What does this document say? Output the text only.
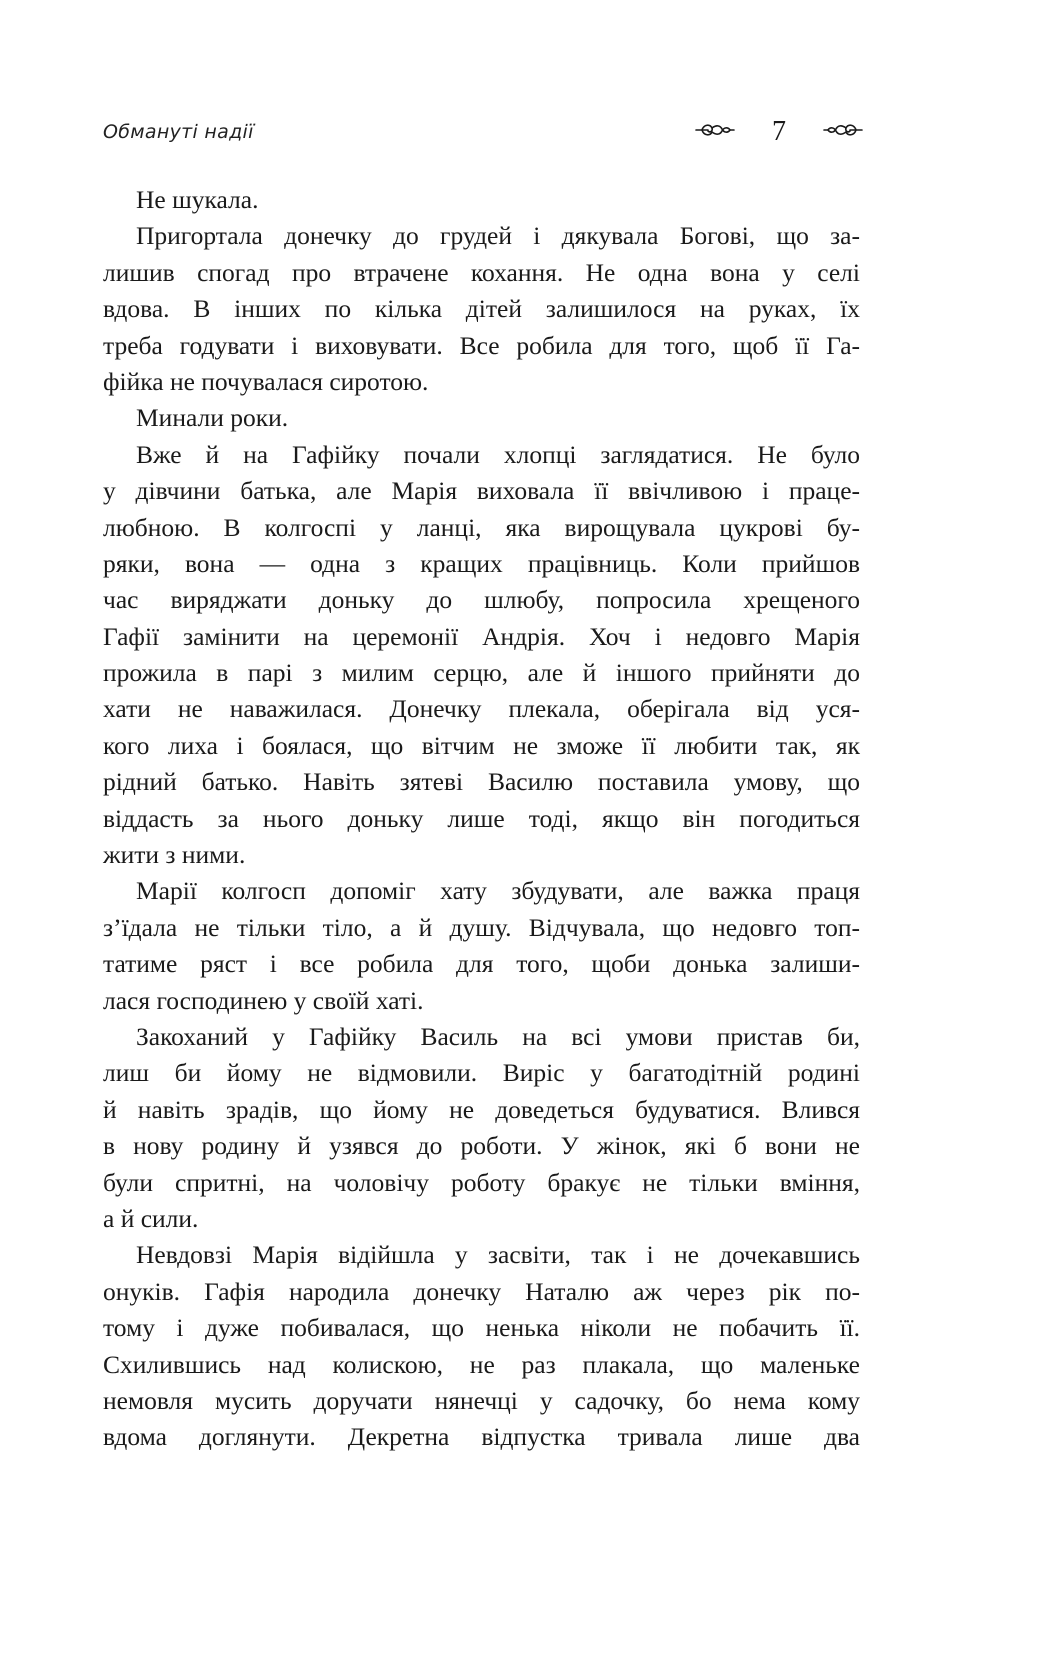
Обмануті надії	7
Не шукала.
Пригортала донечку до грудей і дякувала Богові, що за-
лишив спогад про втрачене кохання. Не одна вона у селі
вдова. В інших по кілька дітей залишилося на руках, їх
треба годувати і виховувати. Все робила для того, щоб її Га-
фійка не почувалася сиротою.
Минали роки.
Вже й на Гафійку почали хлопці заглядатися. Не було
у дівчини батька, але Марія виховала її ввічливою і праце-
любною. В колгоспі у ланці, яка вирощувала цукрові бу-
ряки, вона — одна з кращих працівниць. Коли прийшов
час виряджати доньку до шлюбу, попросила хрещеного
Гафії замінити на церемонії Андрія. Хоч і недовго Марія
прожила в парі з милим серцю, але й іншого прийняти до
хати не наважилася. Донечку плекала, оберігала від уся-
кого лиха і боялася, що вітчим не зможе її любити так, як
рідний батько. Навіть зятеві Василю поставила умову, що
віддасть за нього доньку лише тоді, якщо він погодиться
жити з ними.
Марії колгосп допоміг хату збудувати, але важка праця
з’їдала не тільки тіло, а й душу. Відчувала, що недовго топ-
татиме ряст і все робила для того, щоби донька залиши-
лася господинею у своїй хаті.
Закоханий у Гафійку Василь на всі умови пристав би,
лиш би йому не відмовили. Виріс у багатодітній родині
й навіть зрадів, що йому не доведеться будуватися. Влився
в нову родину й узявся до роботи. У жінок, які б вони не
були спритні, на чоловічу роботу бракує не тільки вміння,
а й сили.
Невдовзі Марія відійшла у засвіти, так і не дочекавшись
онуків. Гафія народила донечку Наталю аж через рік по-
тому і дуже побивалася, що ненька ніколи не побачить її.
Схилившись над колискою, не раз плакала, що маленьке
немовля мусить доручати нянечці у садочку, бо нема кому
вдома доглянути. Декретна відпустка тривала лише два
